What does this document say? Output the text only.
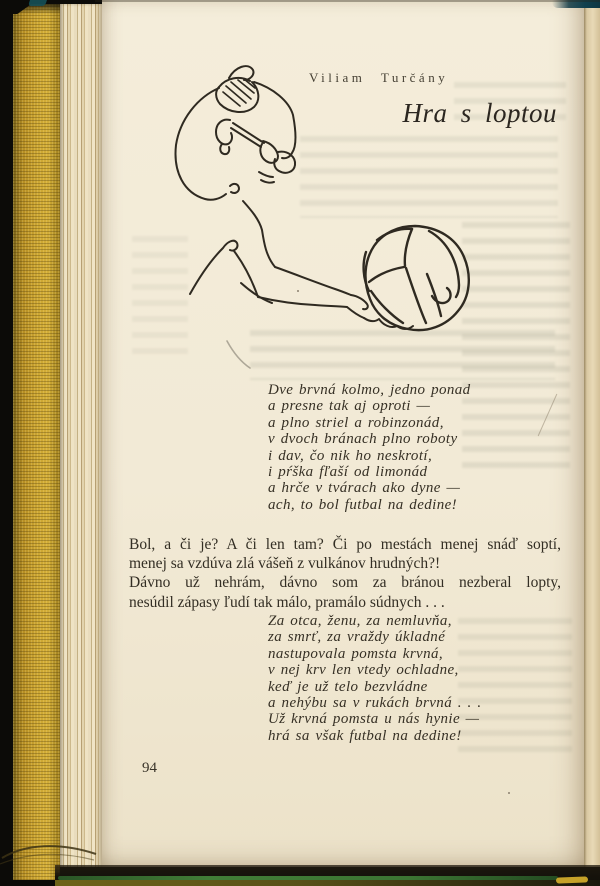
Viliam Turčány
Hra s loptou
Dve brvná kolmo, jedno ponad
a presne tak aj oproti —
a plno striel a robinzonád,
v dvoch bránach plno roboty
i dav, čo nik ho neskrotí,
i pŕška fľaší od limonád
a hrče v tvárach ako dyne —
ach, to bol futbal na dedine!
Bol, a či je? A či len tam? Či po mestách menej snáď soptí,
menej sa vzdúva zlá vášeň z vulkánov hrudných?!
Dávno už nehrám, dávno som za bránou nezberal lopty,
nesúdil zápasy ľudí tak málo, pramálo súdnych . . .
Za otca, ženu, za nemluvňa,
za smrť, za vraždy úkladné
nastupovala pomsta krvná,
v nej krv len vtedy ochladne,
keď je už telo bezvládne
a nehýbu sa v rukách brvná . . .
Už krvná pomsta u nás hynie —
hrá sa však futbal na dedine!
94
